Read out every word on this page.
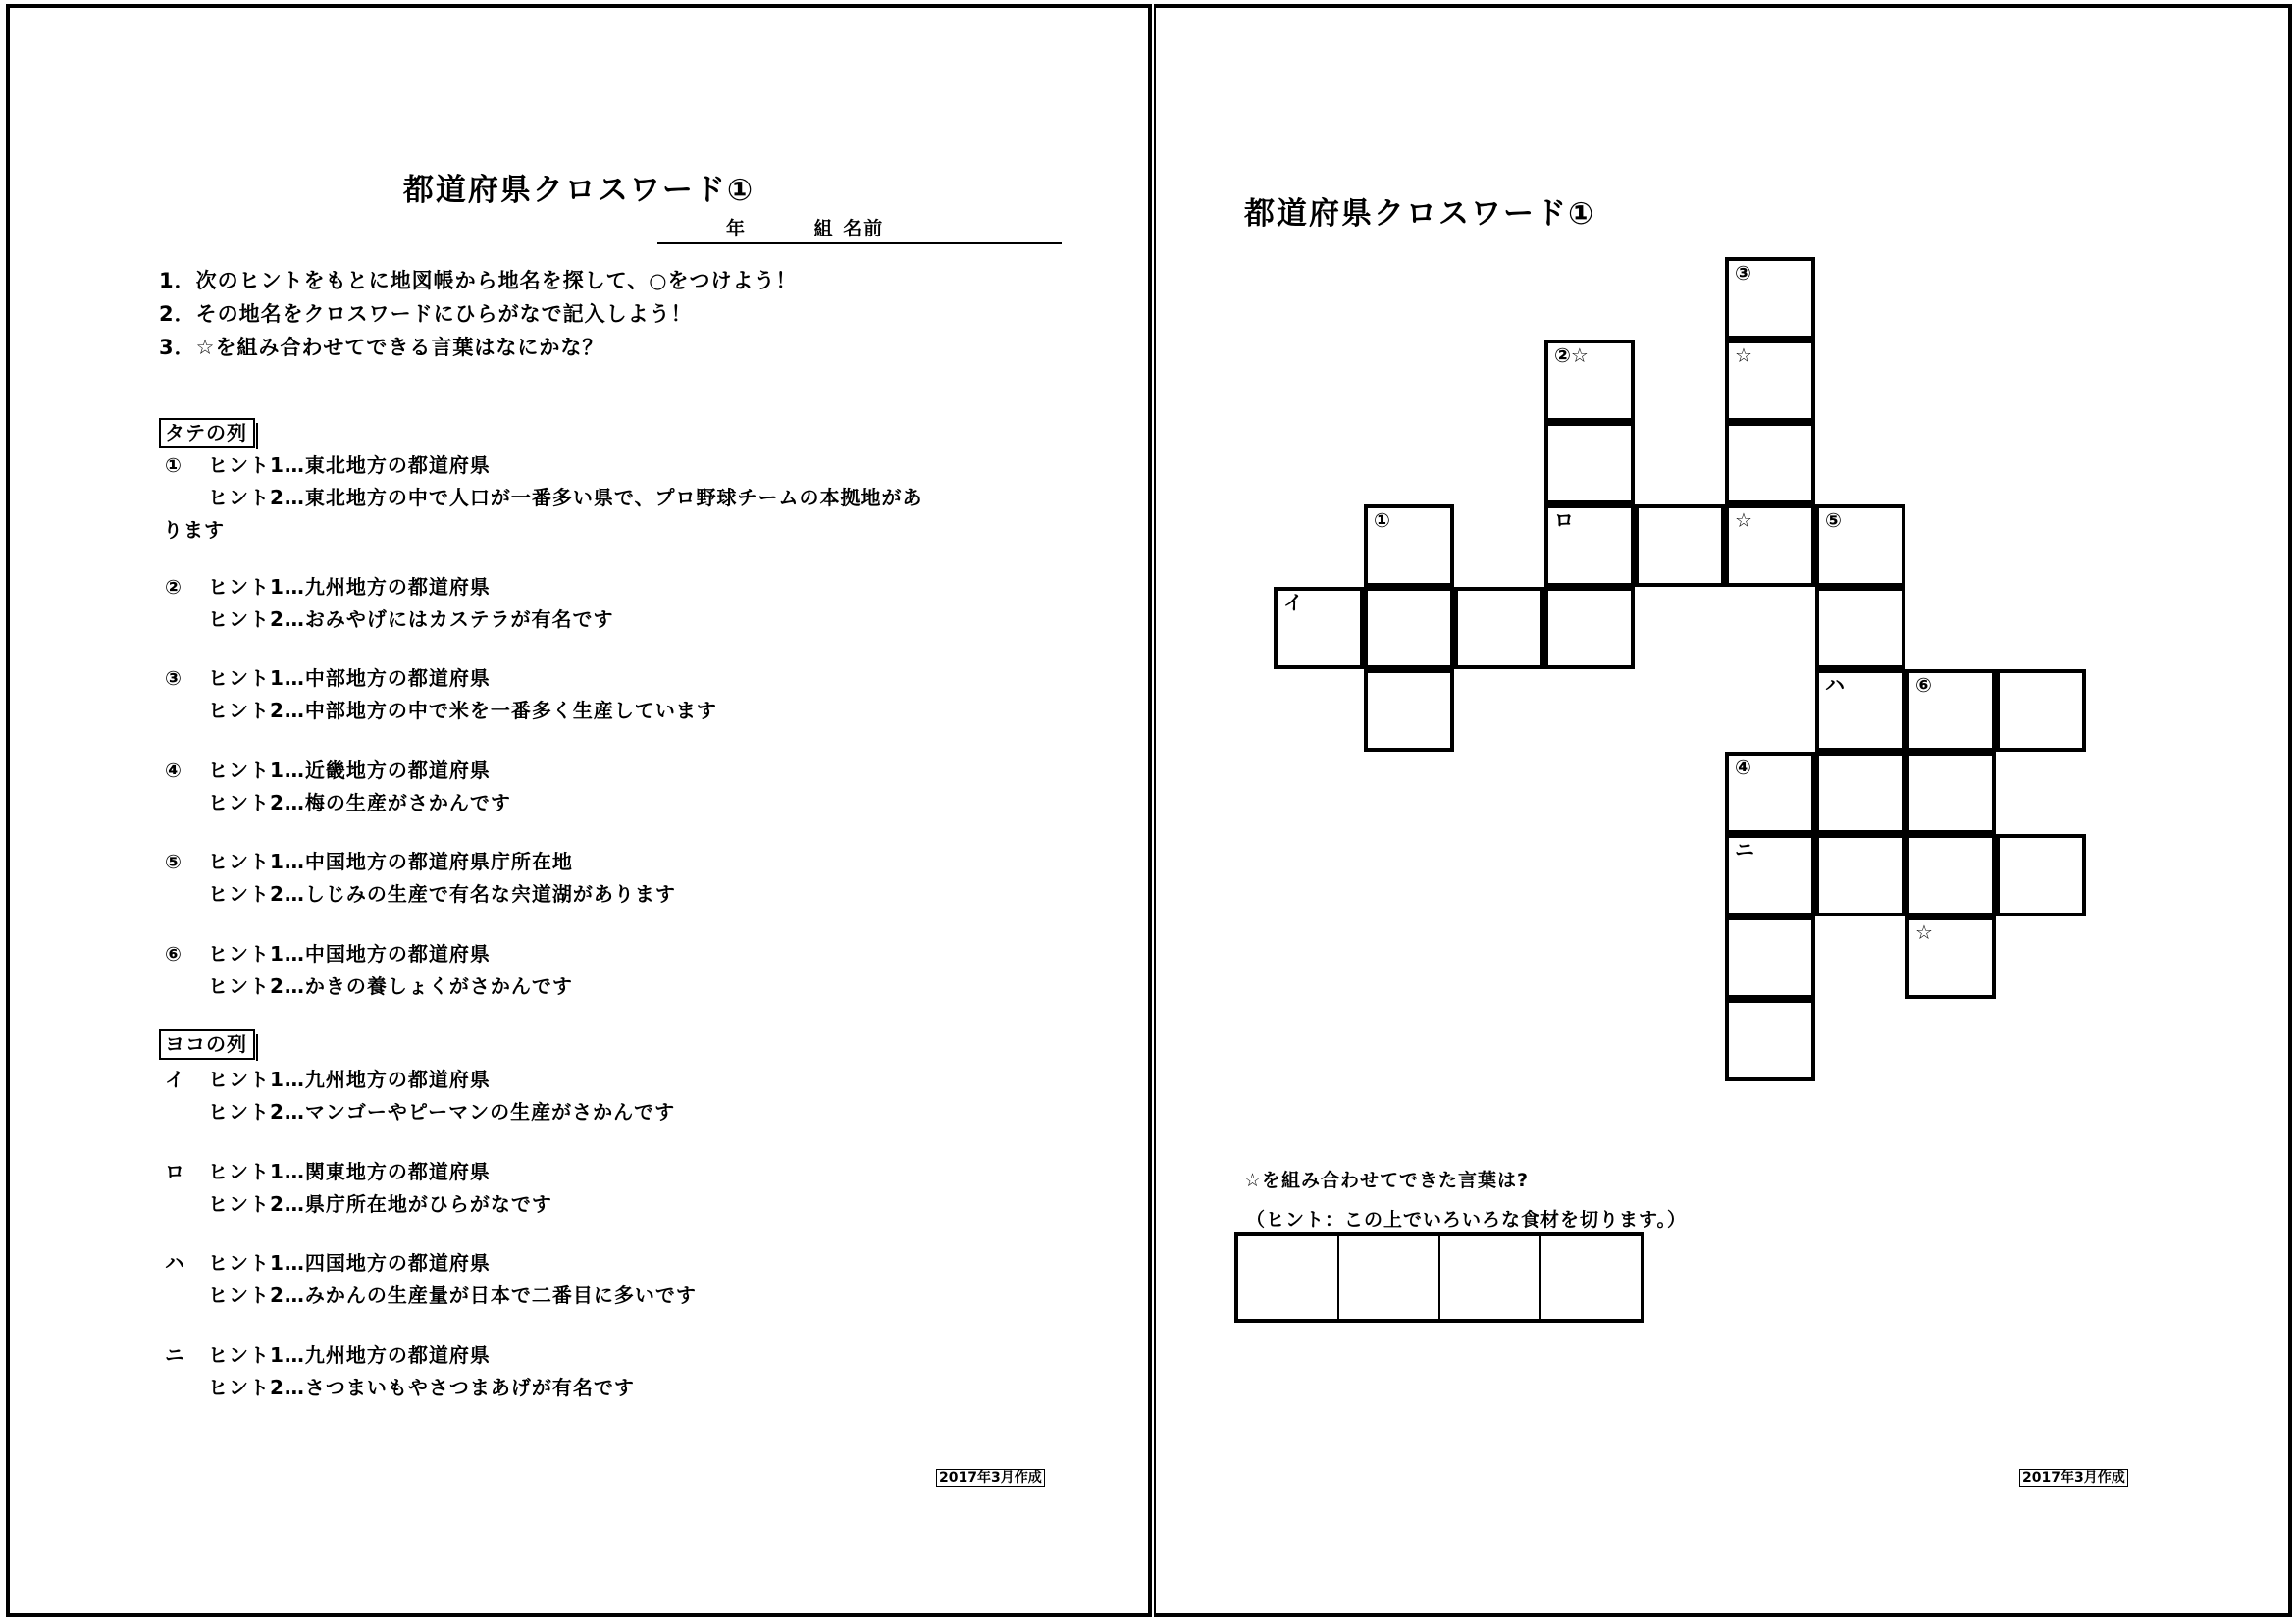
都道府県クロスワード①
年	組 名前
1．次のヒントをもとに地図帳から地名を探して、○をつけよう！
2．その地名をクロスワードにひらがなで記入しよう！
3．☆を組み合わせてできる言葉はなにかな？
タテの列
① ヒント1…東北地方の都道府県
ヒント2…東北地方の中で人口が一番多い県で、プロ野球チームの本拠地があ
ります
② ヒント1…九州地方の都道府県
ヒント2…おみやげにはカステラが有名です
③ ヒント1…中部地方の都道府県
ヒント2…中部地方の中で米を一番多く生産しています
④ ヒント1…近畿地方の都道府県
ヒント2…梅の生産がさかんです
⑤ ヒント1…中国地方の都道府県庁所在地
ヒント2…しじみの生産で有名な宍道湖があります
⑥ ヒント1…中国地方の都道府県
ヒント2…かきの養しょくがさかんです
ヨコの列
イ ヒント1…九州地方の都道府県
ヒント2…マンゴーやピーマンの生産がさかんです
ロ ヒント1…関東地方の都道府県
ヒント2…県庁所在地がひらがなです
ハ ヒント1…四国地方の都道府県
ヒント2…みかんの生産量が日本で二番目に多いです
ニ ヒント1…九州地方の都道府県
ヒント2…さつまいもやさつまあげが有名です
2017年3月作成
都道府県クロスワード①
③
☆
☆
②☆
ロ	⑤
①
イ
ハ	⑥
④
ニ
☆
☆を組み合わせてできた言葉は?
（ヒント：この上でいろいろな食材を切ります。）
2017年3月作成
